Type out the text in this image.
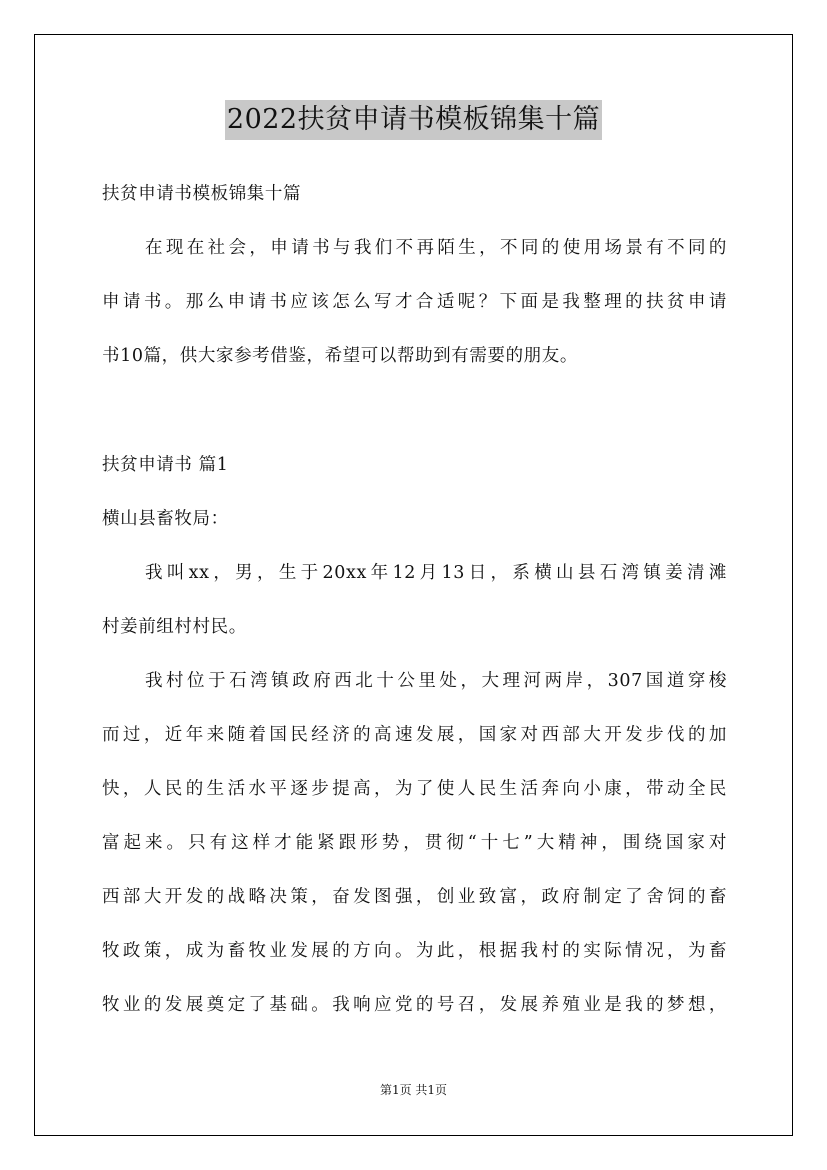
2022扶贫申请书模板锦集十篇
扶贫申请书模板锦集十篇
在现在社会，申请书与我们不再陌生，不同的使用场景有不同的
申请书。那么申请书应该怎么写才合适呢？下面是我整理的扶贫申请
书10篇，供大家参考借鉴，希望可以帮助到有需要的朋友。
扶贫申请书 篇1
横山县畜牧局：
我叫xx，男，生于20xx年12月13日，系横山县石湾镇姜清滩
村姜前组村村民。
我村位于石湾镇政府西北十公里处，大理河两岸，307国道穿梭
而过，近年来随着国民经济的高速发展，国家对西部大开发步伐的加
快，人民的生活水平逐步提高，为了使人民生活奔向小康，带动全民
富起来。只有这样才能紧跟形势，贯彻“十七”大精神，围绕国家对
西部大开发的战略决策，奋发图强，创业致富，政府制定了舍饲的畜
牧政策，成为畜牧业发展的方向。为此，根据我村的实际情况，为畜
牧业的发展奠定了基础。我响应党的号召，发展养殖业是我的梦想，
第1页 共1页
